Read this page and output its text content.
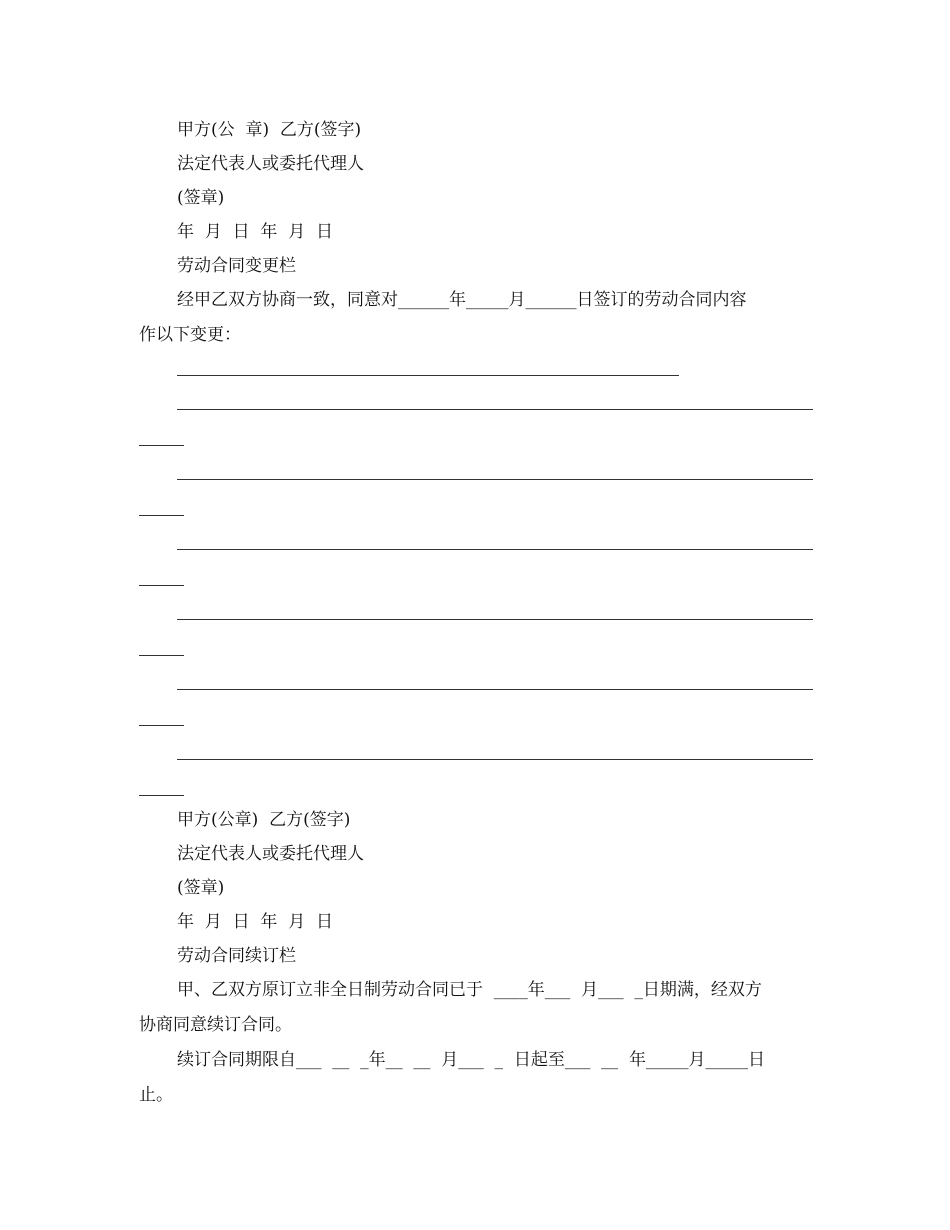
甲方(公  章)  乙方(签字)
法定代表人或委托代理人
(签章)
年  月  日  年  月  日
劳动合同变更栏
经甲乙双方协商一致，同意对______年_____月______日签订的劳动合同内容
作以下变更：
甲方(公章)  乙方(签字)
法定代表人或委托代理人
(签章)
年  月  日  年  月  日
劳动合同续订栏
甲、乙双方原订立非全日制劳动合同已于  ____年___  月___  _日期满，经双方
协商同意续订合同。
续订合同期限自___  __  _年__  __  月___  _  日起至___  __  年_____月_____日
止。
